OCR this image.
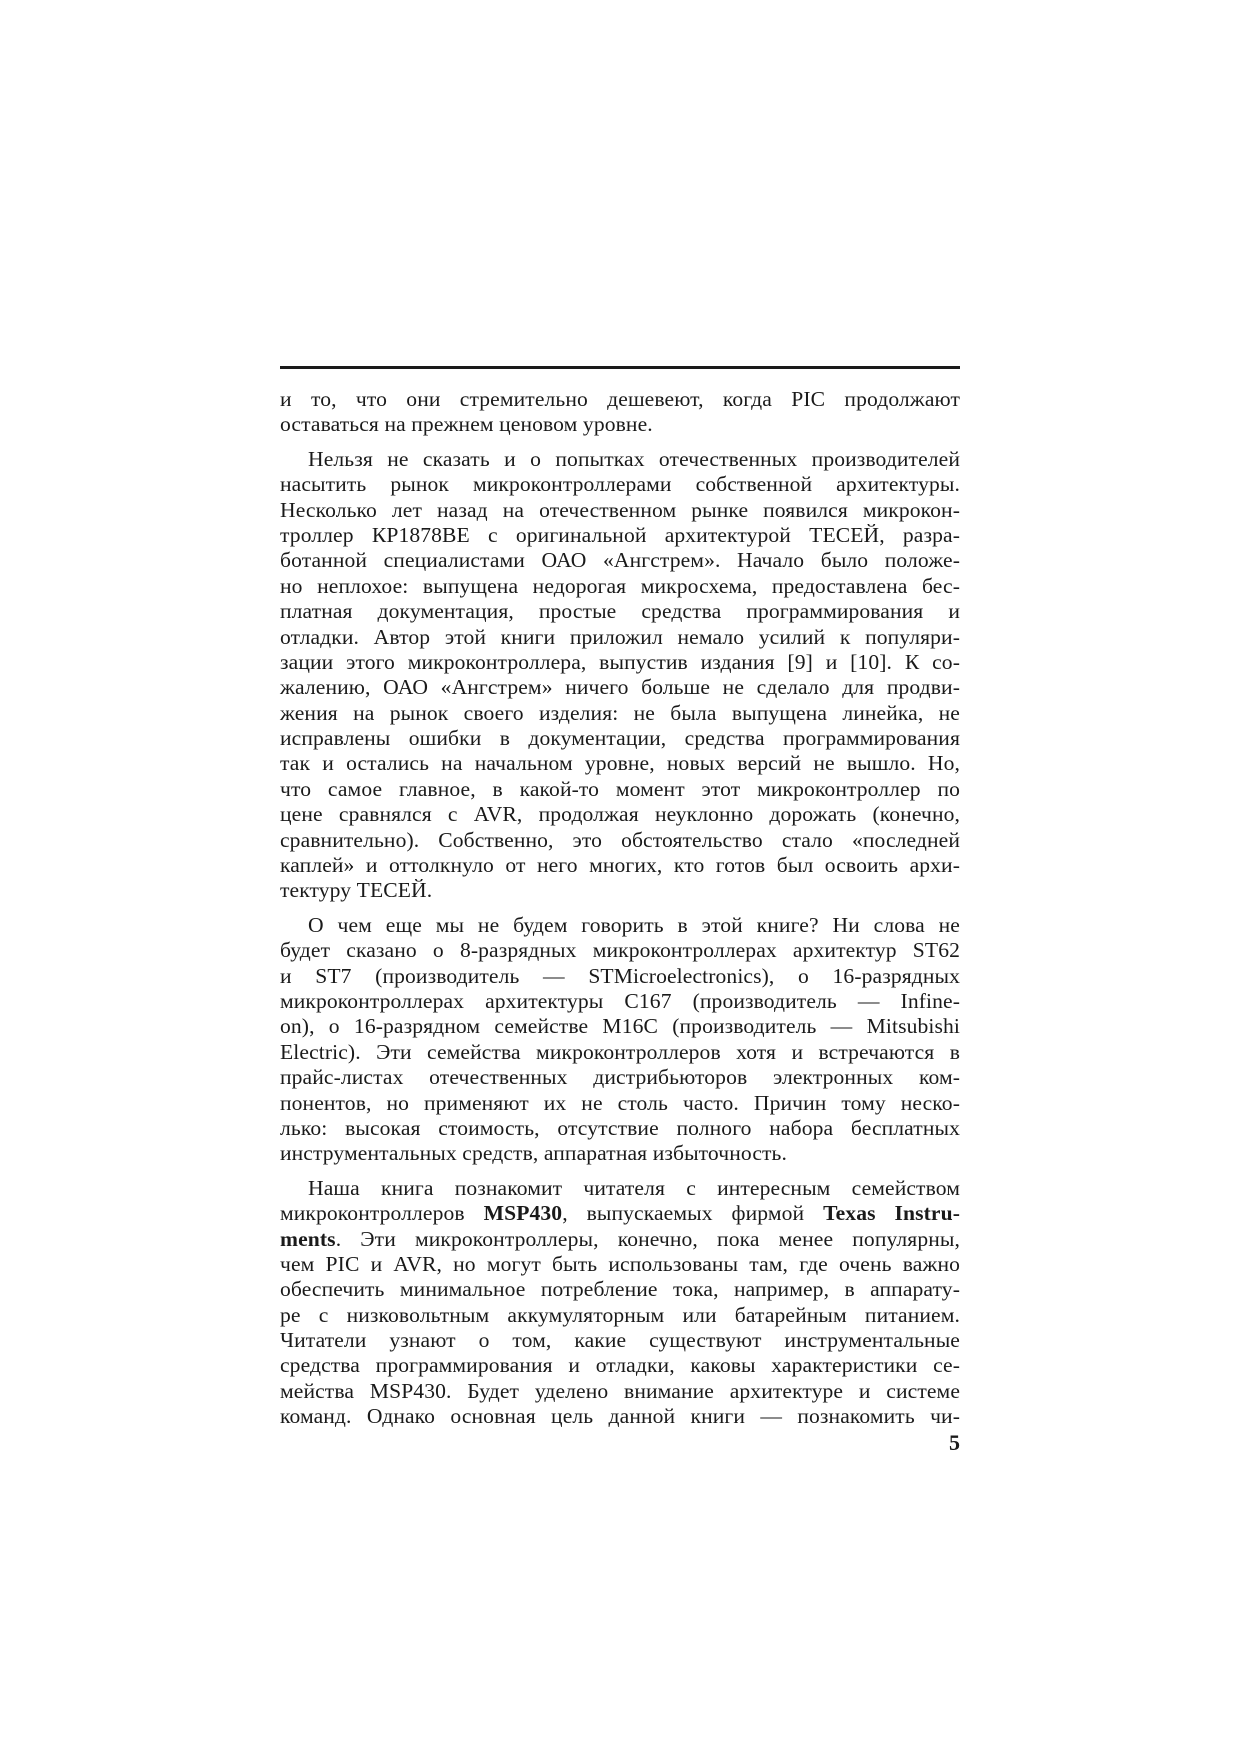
и то, что они стремительно дешевеют, когда PIC продолжают
оставаться на прежнем ценовом уровне.
Нельзя не сказать и о попытках отечественных производителей
насытить рынок микроконтроллерами собственной архитектуры.
Несколько лет назад на отечественном рынке появился микрокон-
троллер КР1878ВЕ с оригинальной архитектурой ТЕСЕЙ, разра-
ботанной специалистами ОАО «Ангстрем». Начало было положе-
но неплохое: выпущена недорогая микросхема, предоставлена бес-
платная документация, простые средства программирования и
отладки. Автор этой книги приложил немало усилий к популяри-
зации этого микроконтроллера, выпустив издания [9] и [10]. К со-
жалению, ОАО «Ангстрем» ничего больше не сделало для продви-
жения на рынок своего изделия: не была выпущена линейка, не
исправлены ошибки в документации, средства программирования
так и остались на начальном уровне, новых версий не вышло. Но,
что самое главное, в какой-то момент этот микроконтроллер по
цене сравнялся с AVR, продолжая неуклонно дорожать (конечно,
сравнительно). Собственно, это обстоятельство стало «последней
каплей» и оттолкнуло от него многих, кто готов был освоить архи-
тектуру ТЕСЕЙ.
О чем еще мы не будем говорить в этой книге? Ни слова не
будет сказано о 8-разрядных микроконтроллерах архитектур ST62
и ST7 (производитель — STMicroelectronics), о 16-разрядных
микроконтроллерах архитектуры C167 (производитель — Infine-
on), о 16-разрядном семействе M16C (производитель — Mitsubishi
Electric). Эти семейства микроконтроллеров хотя и встречаются в
прайс-листах отечественных дистрибьюторов электронных ком-
понентов, но применяют их не столь часто. Причин тому неско-
лько: высокая стоимость, отсутствие полного набора бесплатных
инструментальных средств, аппаратная избыточность.
Наша книга познакомит читателя с интересным семейством
микроконтроллеров MSP430, выпускаемых фирмой Texas Instru-
ments. Эти микроконтроллеры, конечно, пока менее популярны,
чем PIC и AVR, но могут быть использованы там, где очень важно
обеспечить минимальное потребление тока, например, в аппарату-
ре с низковольтным аккумуляторным или батарейным питанием.
Читатели узнают о том, какие существуют инструментальные
средства программирования и отладки, каковы характеристики се-
мейства MSP430. Будет уделено внимание архитектуре и системе
команд. Однако основная цель данной книги — познакомить чи-
5
